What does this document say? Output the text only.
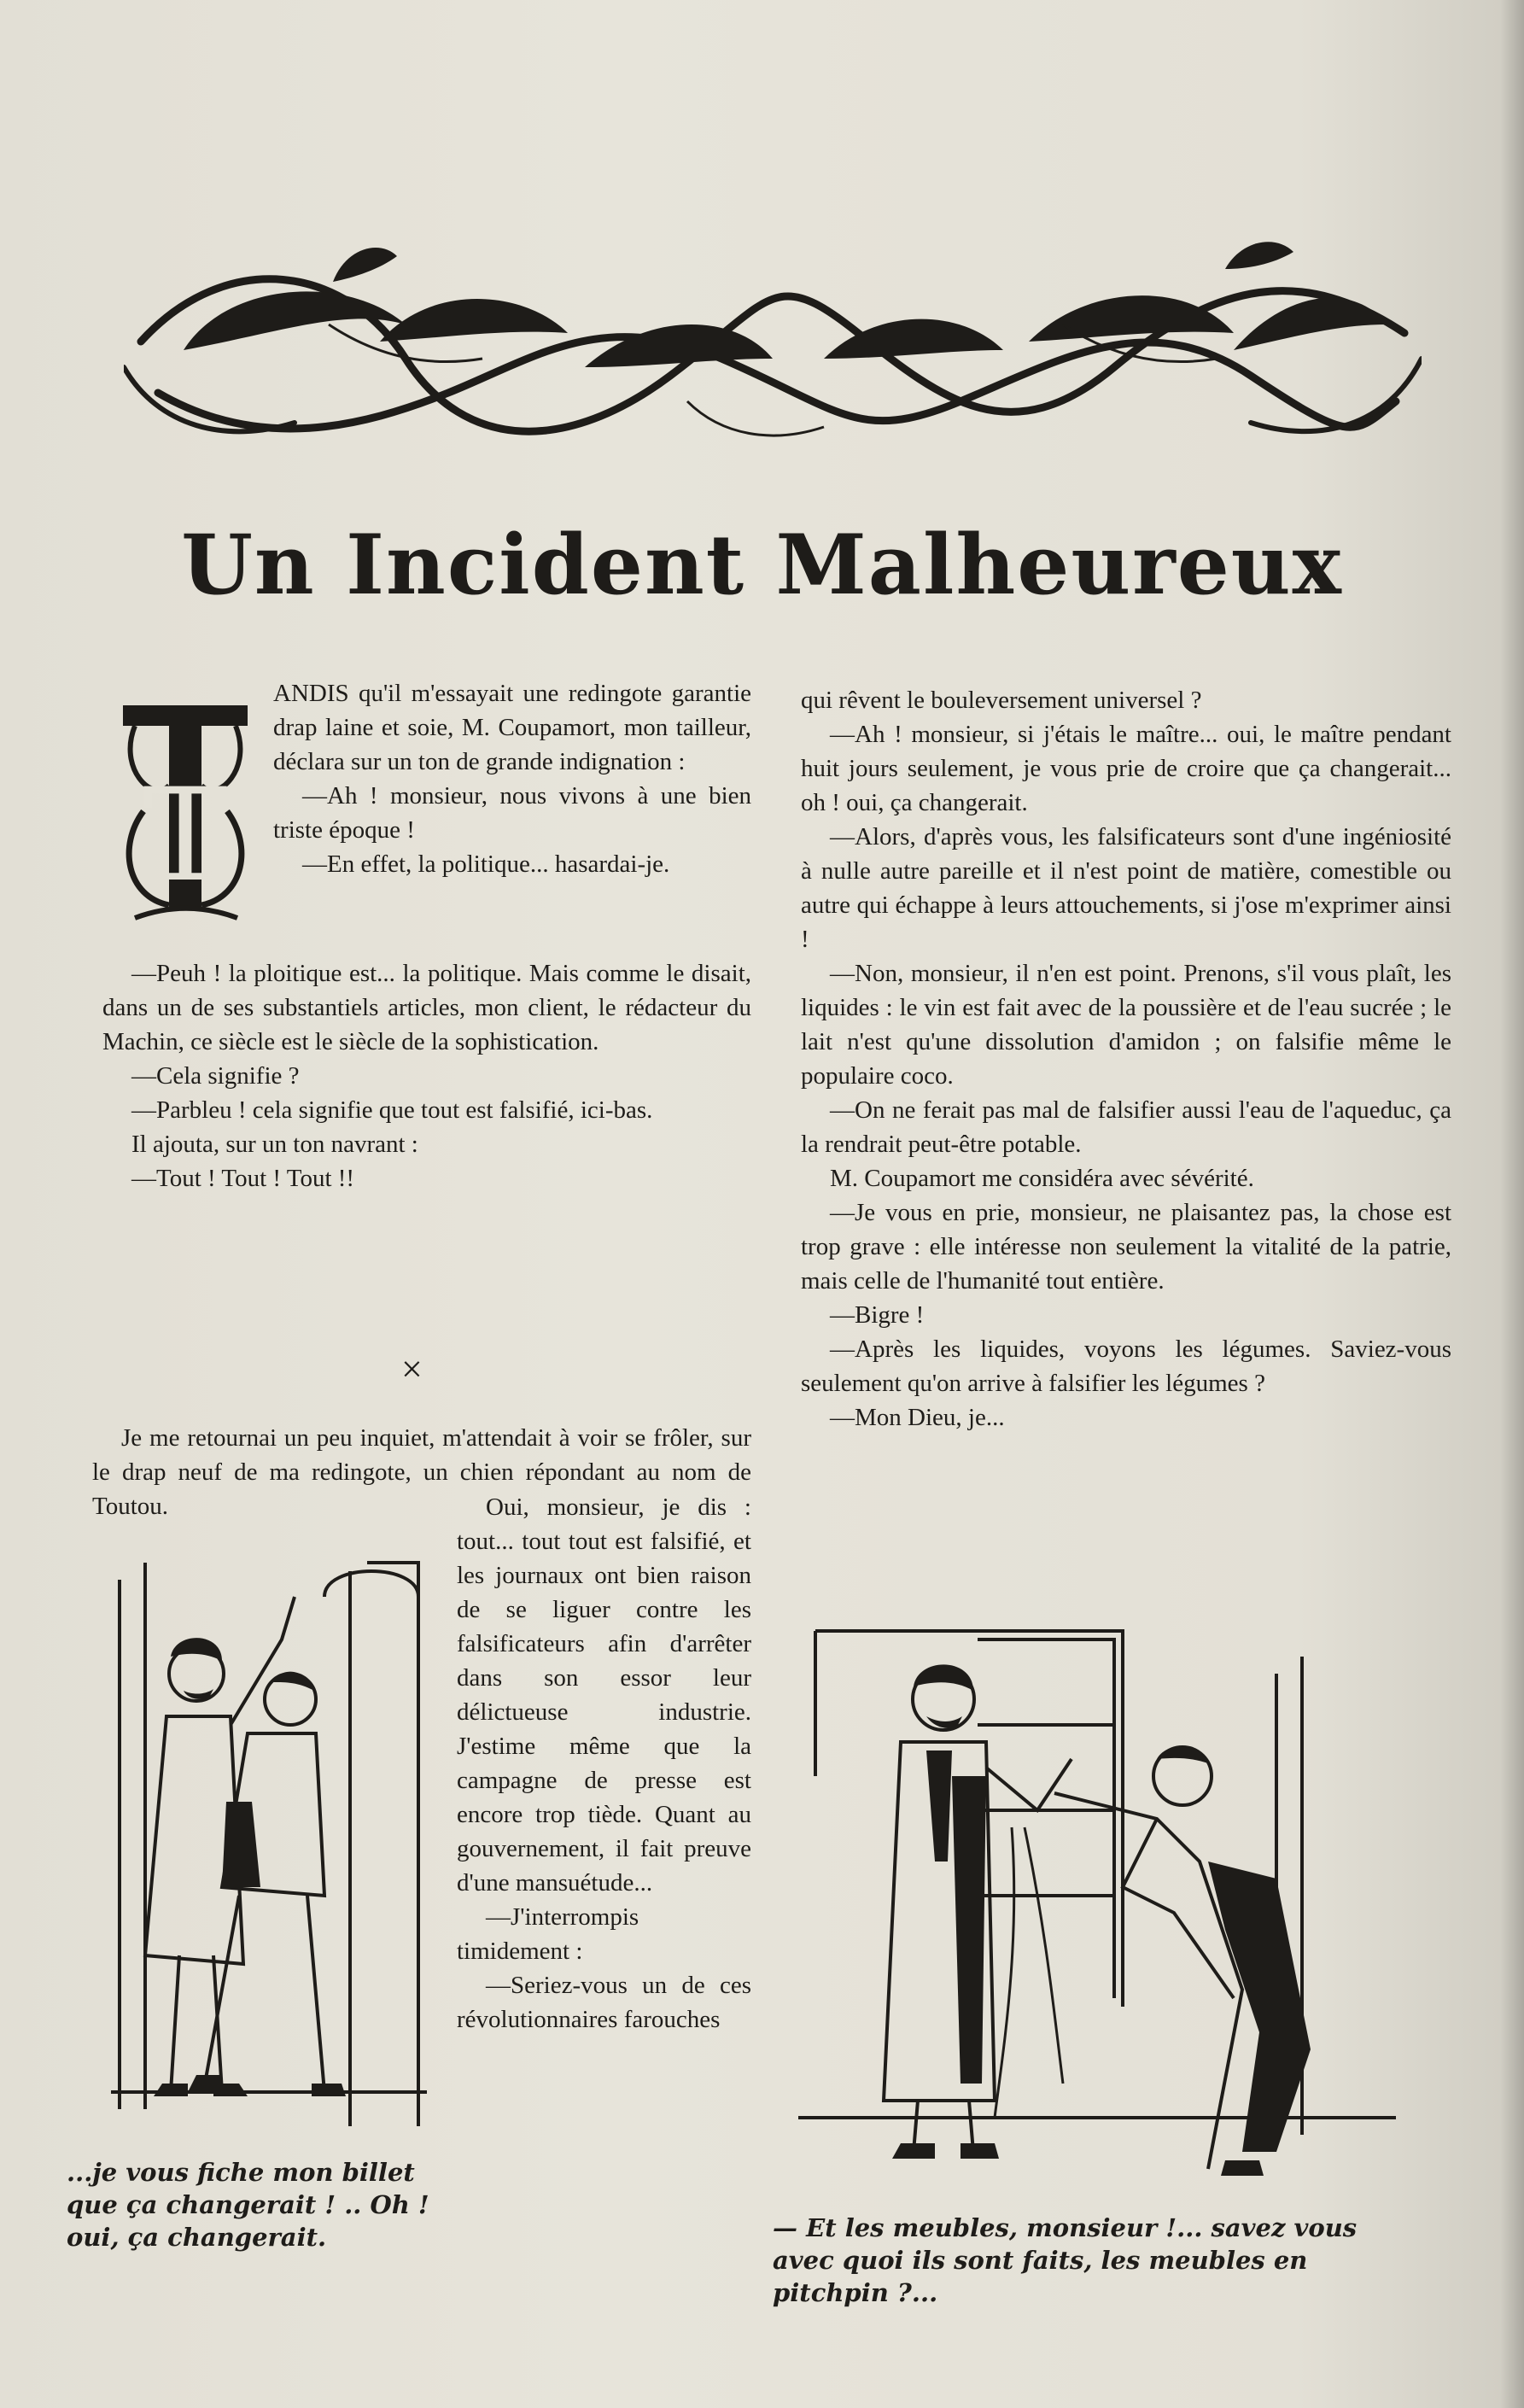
Un Incident Malheureux
T

ANDIS qu'il m'essayait une redingote garantie drap laine et soie, M. Coupamort, mon tailleur, déclara sur un ton de grande indignation :

—Ah ! monsieur, nous vivons à une bien triste époque !

—En effet, la politique... hasardai-je.

—Peuh ! la ploitique est... la politique. Mais comme le disait, dans un de ses substantiels articles, mon client, le rédacteur du Machin, ce siècle est le siècle de la sophistication.

—Cela signifie ?

—Parbleu ! cela signifie que tout est falsifié, ici-bas.

Il ajouta, sur un ton navrant :

—Tout ! Tout ! Tout !!

×

Je me retournai un peu inquiet, m'attendait à voir se frôler, sur le drap neuf de ma redingote, un chien répondant au nom de Toutou.	Oui, monsieur, je dis : tout... tout tout est falsifié, et les journaux ont bien raison de se liguer contre les falsificateurs afin d'arrêter dans son essor leur délictueuse industrie. J'estime même que la campagne de presse est encore trop tiède. Quant au gouvernement, il fait preuve d'une mansuétude...

—J'interrompis timidement :

—Seriez-vous un de ces révolutionnaires farouches

...je vous fiche mon billet que ça changerait ! .. Oh ! oui, ça changerait.

qui rêvent le bouleversement universel ?

—Ah ! monsieur, si j'étais le maître... oui, le maître pendant huit jours seulement, je vous prie de croire que ça changerait... oh ! oui, ça changerait.

—Alors, d'après vous, les falsificateurs sont d'une ingéniosité à nulle autre pareille et il n'est point de matière, comestible ou autre qui échappe à leurs attouchements, si j'ose m'exprimer ainsi !

—Non, monsieur, il n'en est point. Prenons, s'il vous plaît, les liquides : le vin est fait avec de la poussière et de l'eau sucrée ; le lait n'est qu'une dissolution d'amidon ; on falsifie même le populaire coco.

—On ne ferait pas mal de falsifier aussi l'eau de l'aqueduc, ça la rendrait peut-être potable.

M. Coupamort me considéra avec sévérité.

—Je vous en prie, monsieur, ne plaisantez pas, la chose est trop grave : elle intéresse non seulement la vitalité de la patrie, mais celle de l'humanité tout entière.

—Bigre !

—Après les liquides, voyons les légumes. Saviez-vous seulement qu'on arrive à falsifier les légumes ?

—Mon Dieu, je...

— Et les meubles, monsieur !... savez vous avec quoi ils sont faits, les meubles en pitchpin ?...
